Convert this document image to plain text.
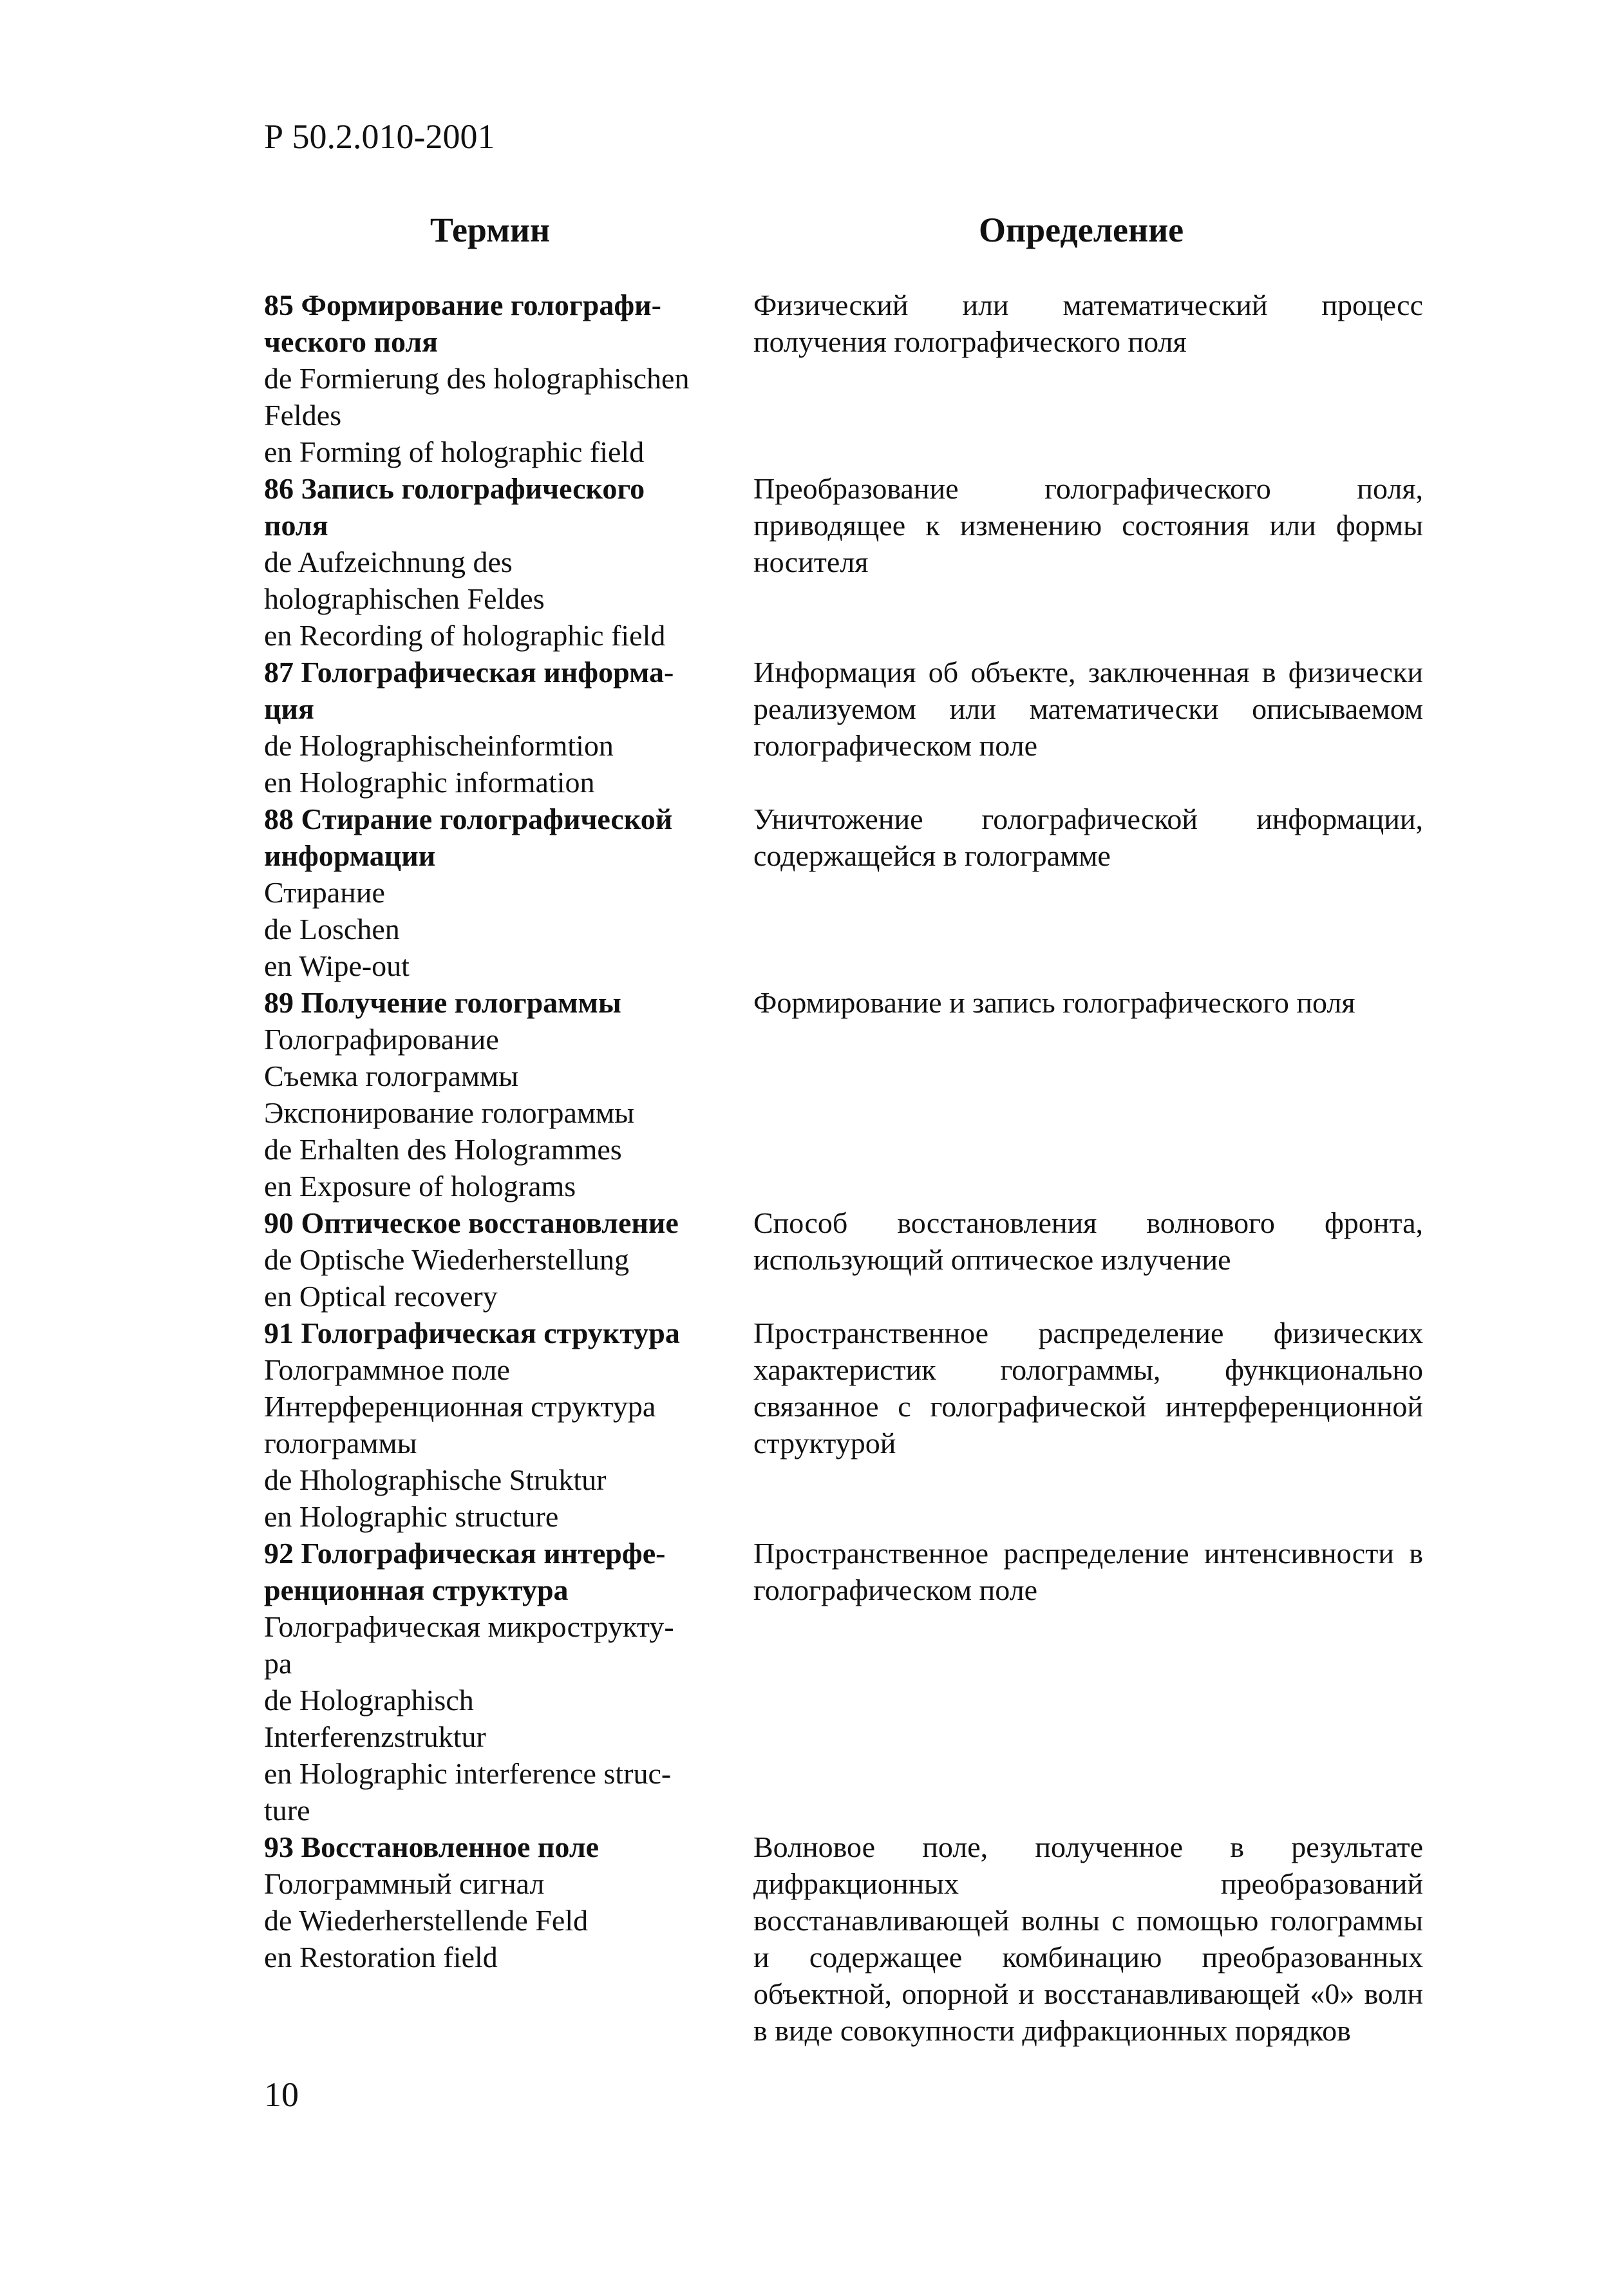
Р 50.2.010-2001
Термин	Определение
85 Формирование голографи-
ческого поля
de Formierung des holographischen
Feldes
en Forming of holographic field
Физический или математический процесс получения голографического поля
86 Запись голографического
поля
de Aufzeichnung des
holographischen Feldes
en Recording of holographic field
Преобразование голографического поля, приводящее к изменению состояния или формы носителя
87 Голографическая информа-
ция
de Holographischeinformtion
en Holographic information
Информация об объекте, заключенная в физически реализуемом или математически описываемом голографическом поле
88 Стирание голографической
информации
Стирание
de Loschen
en Wipe-out
Уничтожение голографической информации, содержащейся в голограмме
89 Получение голограммы
Голографирование
Съемка голограммы
Экспонирование голограммы
de Erhalten des Hologrammes
en Exposure of holograms
Формирование и запись голографического поля
90 Оптическое восстановление
de Optische Wiederherstellung
en Optical recovery
Способ восстановления волнового фронта, использующий оптическое излучение
91 Голографическая структура
Голограммное поле
Интерференционная структура
голограммы
de Hholographische Struktur
en Holographic structure
Пространственное распределение физических характеристик голограммы, функционально связанное с голографической интерференционной структурой
92 Голографическая интерфе-
ренционная структура
Голографическая микрострукту-
ра
de Holographisch
Interferenzstruktur
en Holographic interference struc-
ture
Пространственное распределение интенсивности в голографическом поле
93 Восстановленное поле
Голограммный сигнал
de Wiederherstellende Feld
en Restoration field
Волновое поле, полученное в результате дифракционных преобразований восстанавливающей волны с помощью голограммы и содержащее комбинацию преобразованных объектной, опорной и восстанавливающей «0» волн в виде совокупности дифракционных порядков
10
